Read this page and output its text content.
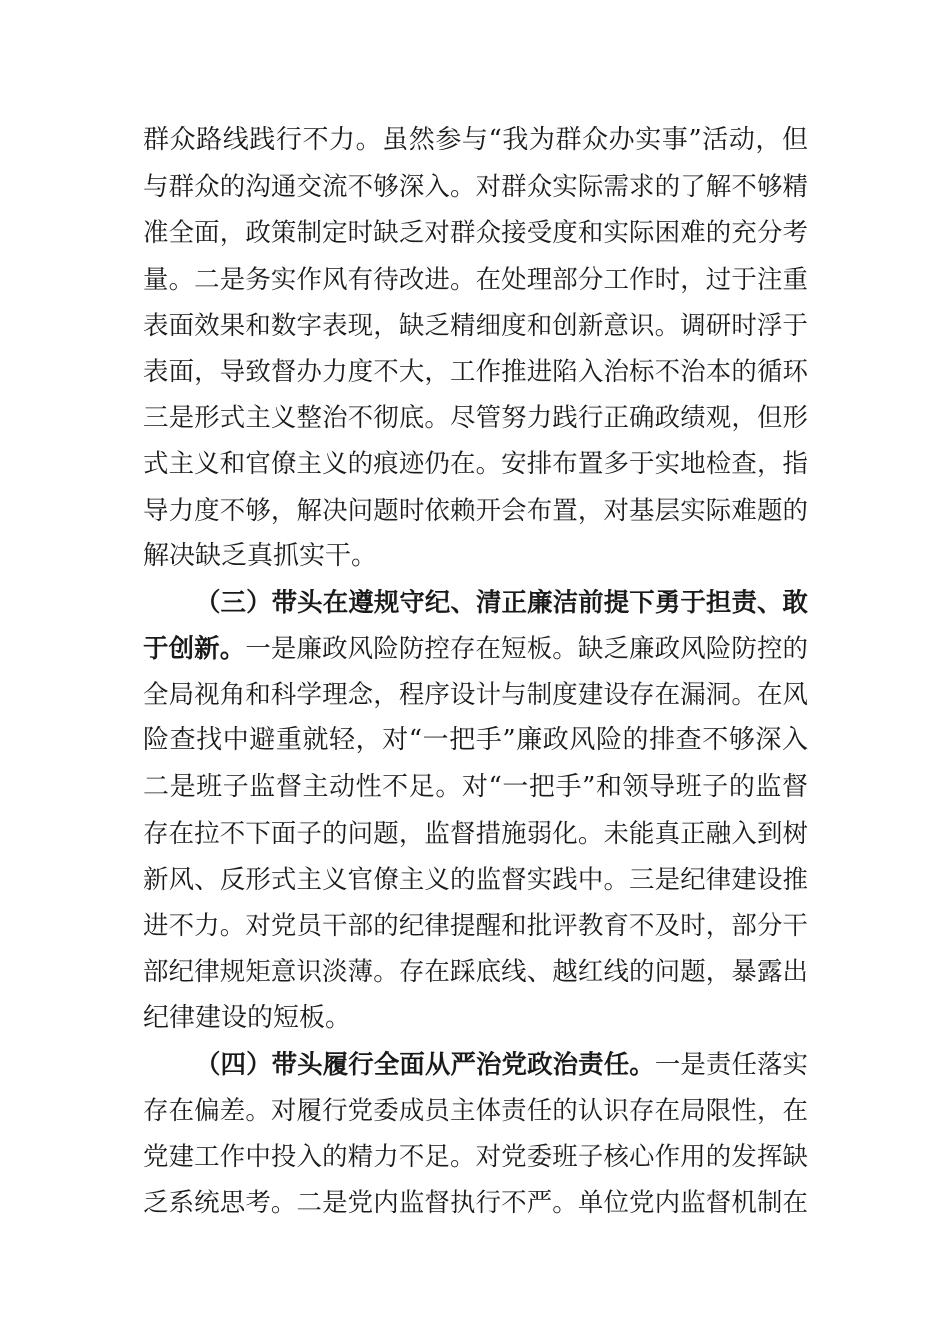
群众路线践行不力。虽然参与“我为群众办实事”活动，但
与群众的沟通交流不够深入。对群众实际需求的了解不够精
准全面，政策制定时缺乏对群众接受度和实际困难的充分考
量。二是务实作风有待改进。在处理部分工作时，过于注重
表面效果和数字表现，缺乏精细度和创新意识。调研时浮于
表面，导致督办力度不大，工作推进陷入治标不治本的循环
三是形式主义整治不彻底。尽管努力践行正确政绩观，但形
式主义和官僚主义的痕迹仍在。安排布置多于实地检查，指
导力度不够，解决问题时依赖开会布置，对基层实际难题的
解决缺乏真抓实干。
（三）带头在遵规守纪、清正廉洁前提下勇于担责、敢
于创新。一是廉政风险防控存在短板。缺乏廉政风险防控的
全局视角和科学理念，程序设计与制度建设存在漏洞。在风
险查找中避重就轻，对“一把手”廉政风险的排查不够深入
二是班子监督主动性不足。对“一把手”和领导班子的监督
存在拉不下面子的问题，监督措施弱化。未能真正融入到树
新风、反形式主义官僚主义的监督实践中。三是纪律建设推
进不力。对党员干部的纪律提醒和批评教育不及时，部分干
部纪律规矩意识淡薄。存在踩底线、越红线的问题，暴露出
纪律建设的短板。
（四）带头履行全面从严治党政治责任。一是责任落实
存在偏差。对履行党委成员主体责任的认识存在局限性，在
党建工作中投入的精力不足。对党委班子核心作用的发挥缺
乏系统思考。二是党内监督执行不严。单位党内监督机制在
